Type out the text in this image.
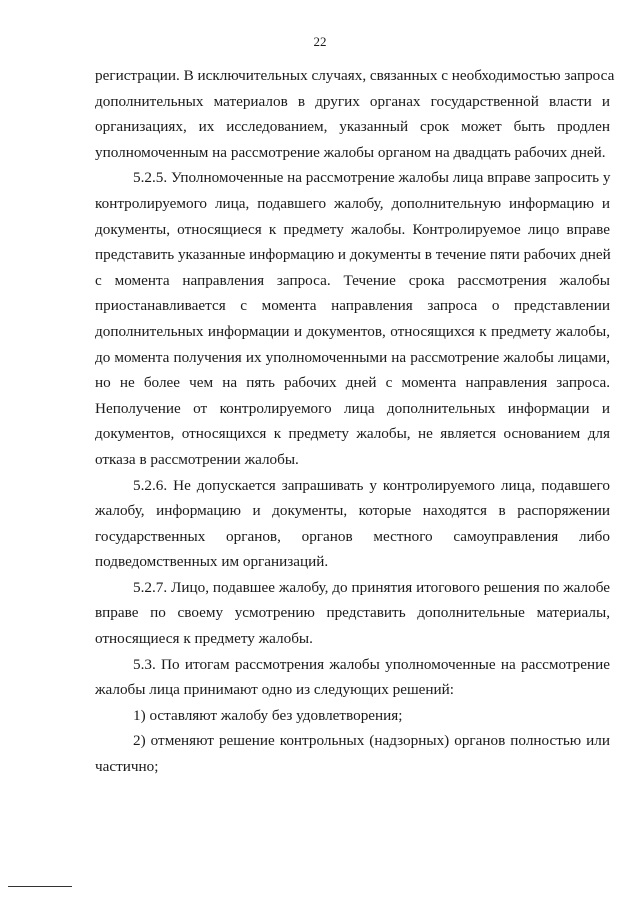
22
регистрации. В исключительных случаях, связанных с необходимостью запроса
дополнительных материалов в других органах государственной власти и
организациях, их исследованием, указанный срок может быть продлен
уполномоченным на рассмотрение жалобы органом на двадцать рабочих дней.
5.2.5. Уполномоченные на рассмотрение жалобы лица вправе запросить у
контролируемого лица, подавшего жалобу, дополнительную информацию и
документы, относящиеся к предмету жалобы. Контролируемое лицо вправе
представить указанные информацию и документы в течение пяти рабочих дней
с момента направления запроса. Течение срока рассмотрения жалобы
приостанавливается с момента направления запроса о представлении
дополнительных информации и документов, относящихся к предмету жалобы,
до момента получения их уполномоченными на рассмотрение жалобы лицами,
но не более чем на пять рабочих дней с момента направления запроса.
Неполучение от контролируемого лица дополнительных информации и
документов, относящихся к предмету жалобы, не является основанием для
отказа в рассмотрении жалобы.
5.2.6. Не допускается запрашивать у контролируемого лица, подавшего
жалобу, информацию и документы, которые находятся в распоряжении
государственных органов, органов местного самоуправления либо
подведомственных им организаций.
5.2.7. Лицо, подавшее жалобу, до принятия итогового решения по жалобе
вправе по своему усмотрению представить дополнительные материалы,
относящиеся к предмету жалобы.
5.3. По итогам рассмотрения жалобы уполномоченные на рассмотрение
жалобы лица принимают одно из следующих решений:
1) оставляют жалобу без удовлетворения;
2) отменяют решение контрольных (надзорных) органов полностью или
частично;
